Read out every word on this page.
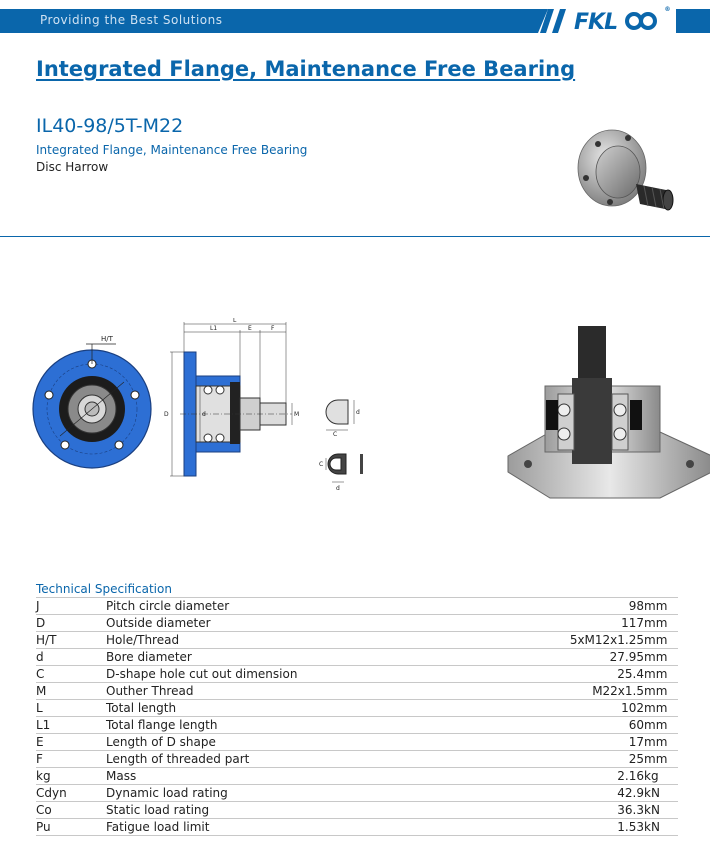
Providing the Best Solutions	FKL  ®
Integrated Flange, Maintenance Free Bearing
IL40-98/5T-M22
Integrated Flange, Maintenance Free Bearing
Disc Harrow
H/T
L
L1	E	F
D	d	M
C
d
C
d
Technical Specification
J	Pitch circle diameter	98	mm
D	Outside diameter	117	mm
H/T	Hole/Thread	5xM12x1.25	mm
d	Bore diameter	27.95	mm
C	D-shape hole cut out dimension	25.4	mm
M	Outher Thread	M22x1.5	mm
L	Total length	102	mm
L1	Total flange length	60	mm
E	Length of D shape	17	mm
F	Length of threaded part	25	mm
kg	Mass	2.16	kg
Cdyn	Dynamic load rating	42.9	kN
Co	Static load rating	36.3	kN
Pu	Fatigue load limit	1.53	kN
